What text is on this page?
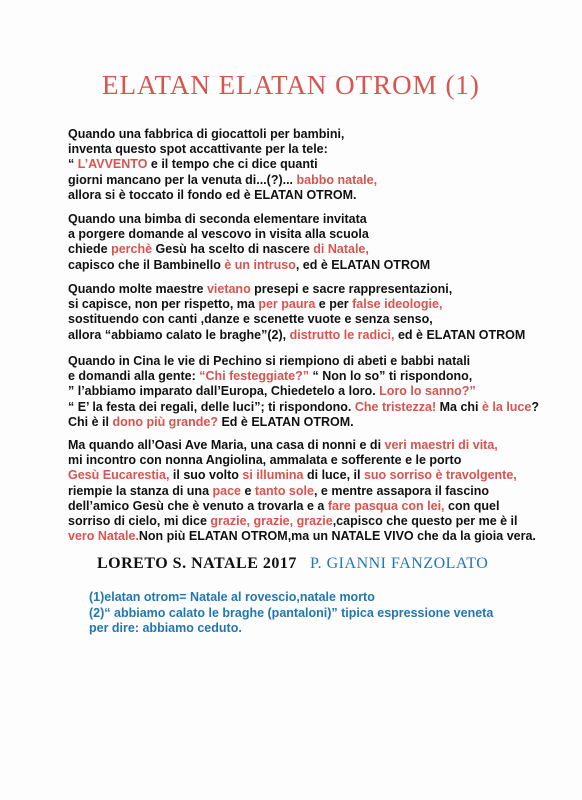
ELATAN ELATAN OTROM (1)
Quando una fabbrica di giocattoli per bambini,
inventa questo spot accattivante per la tele:
“ L’AVVENTO e il tempo che ci dice quanti
giorni mancano per la venuta di...(?)... babbo natale,
allora si è toccato il fondo ed è ELATAN OTROM.
Quando una bimba di seconda elementare invitata
a porgere domande al vescovo in visita alla scuola
chiede perchè Gesù ha scelto di nascere di Natale,
capisco che il Bambinello è un intruso, ed è ELATAN OTROM
Quando molte maestre vietano presepi e sacre rappresentazioni,
si capisce, non per rispetto, ma per paura e per false ideologie,
sostituendo con canti ,danze e scenette vuote e senza senso,
allora “abbiamo calato le braghe”(2), distrutto le radici, ed è ELATAN OTROM
Quando in Cina le vie di Pechino si riempiono di abeti e babbi natali
e domandi alla gente: “Chi festeggiate?” “ Non lo so” ti rispondono,
” l’abbiamo imparato dall’Europa, Chiedetelo a loro. Loro lo sanno?”
“ E’ la festa dei regali, delle luci”; ti rispondono. Che tristezza! Ma chi è la luce?
Chi è il dono più grande? Ed è ELATAN OTROM.
Ma quando all’Oasi Ave Maria, una casa di nonni e di veri maestri di vita,
mi incontro con nonna Angiolina, ammalata e sofferente e le porto
Gesù Eucarestia, il suo volto si illumina di luce, il suo sorriso è travolgente,
riempie la stanza di una pace e tanto sole, e mentre assapora il fascino
dell’amico Gesù che è venuto a trovarla e a fare pasqua con lei, con quel
sorriso di cielo, mi dice grazie, grazie, grazie,capisco che questo per me è il
vero Natale.Non più ELATAN OTROM,ma un NATALE VIVO che da la gioia vera.
LORETO S. NATALE 2017 P. GIANNI FANZOLATO
(1)elatan otrom= Natale al rovescio,natale morto
(2)“ abbiamo calato le braghe (pantaloni)” tipica espressione veneta
per dire: abbiamo ceduto.
